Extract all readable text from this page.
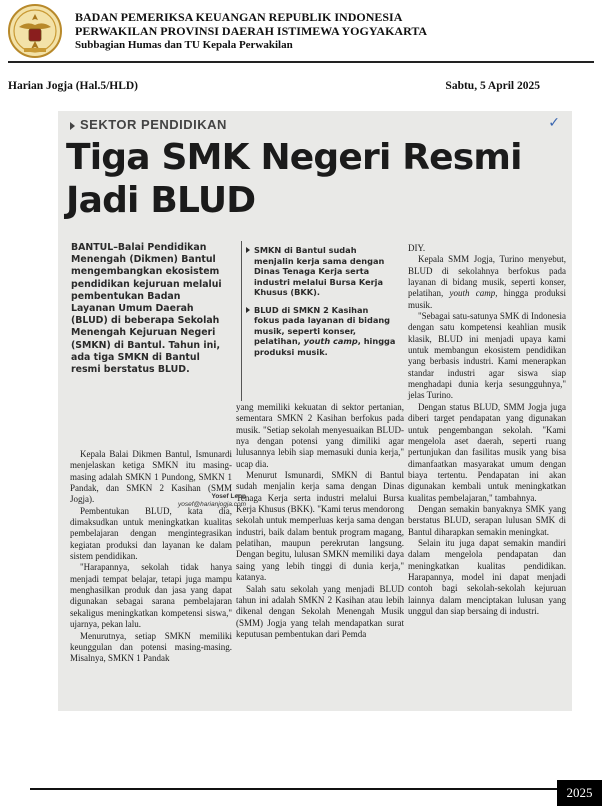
BADAN PEMERIKSA KEUANGAN REPUBLIK INDONESIA
PERWAKILAN PROVINSI DAERAH ISTIMEWA YOGYAKARTA
Subbagian Humas dan TU Kepala Perwakilan
Harian Jogja (Hal.5/HLD)	Sabtu, 5 April 2025
SEKTOR PENDIDIKAN	✓
Tiga SMK Negeri Resmi
Jadi BLUD
BANTUL–Balai Pendidikan
Menengah (Dikmen) Bantul
mengembangkan ekosistem
pendidikan kejuruan melalui
pembentukan Badan
Layanan Umum Daerah
(BLUD) di beberapa Sekolah
Menengah Kejuruan Negeri
(SMKN) di Bantul. Tahun ini,
ada tiga SMKN di Bantul
resmi berstatus BLUD.
Yosef Leon
yosef@harianjogja.com
SMKN di Bantul sudah menjalin kerja sama dengan Dinas Tenaga Kerja serta industri melalui Bursa Kerja Khusus (BKK).
BLUD di SMKN 2 Kasihan fokus pada layanan di bidang musik, seperti konser, pelatihan, youth camp, hingga produksi musik.

Kepala Balai Dikmen Bantul, Ismunardi menjelaskan ketiga SMKN itu masing-masing adalah SMKN 1 Pundong, SMKN 1 Pandak, dan SMKN 2 Kasihan (SMM Jogja).

Pembentukan BLUD, kata dia, dimaksudkan untuk meningkatkan kualitas pembelajaran dengan mengintegrasikan kegiatan produksi dan layanan ke dalam sistem pendidikan.

"Harapannya, sekolah tidak hanya menjadi tempat belajar, tetapi juga mampu menghasilkan produk dan jasa yang dapat digunakan sebagai sarana pembelajaran sekaligus meningkatkan kompetensi siswa," ujarnya, pekan lalu.

Menurutnya, setiap SMKN memiliki keunggulan dan potensi masing-masing. Misalnya, SMKN 1 Pandak

yang memiliki kekuatan di sektor pertanian, sementara SMKN 2 Kasihan berfokus pada musik. "Setiap sekolah menyesuaikan BLUD-nya dengan potensi yang dimiliki agar lulusannya lebih siap memasuki dunia kerja," ucap dia.

Menurut Ismunardi, SMKN di Bantul sudah menjalin kerja sama dengan Dinas Tenaga Kerja serta industri melalui Bursa Kerja Khusus (BKK). "Kami terus mendorong sekolah untuk memperluas kerja sama dengan industri, baik dalam bentuk program magang, pelatihan, maupun perekrutan langsung. Dengan begitu, lulusan SMKN memiliki daya saing yang lebih tinggi di dunia kerja," katanya.

Salah satu sekolah yang menjadi BLUD tahun ini adalah SMKN 2 Kasihan atau lebih dikenal dengan Sekolah Menengah Musik (SMM) Jogja yang telah mendapatkan surat keputusan pembentukan dari Pemda

DIY.

Kepala SMM Jogja, Turino menyebut, BLUD di sekolahnya berfokus pada layanan di bidang musik, seperti konser, pelatihan, youth camp, hingga produksi musik.

"Sebagai satu-satunya SMK di Indonesia dengan satu kompetensi keahlian musik klasik, BLUD ini menjadi upaya kami untuk membangun ekosistem pendidikan yang berbasis industri. Kami menerapkan standar industri agar siswa siap menghadapi dunia kerja sesungguhnya," jelas Turino.

Dengan status BLUD, SMM Jogja juga diberi target pendapatan yang digunakan untuk pengembangan sekolah. "Kami mengelola aset daerah, seperti ruang pertunjukan dan fasilitas musik yang bisa dimanfaatkan masyarakat umum dengan biaya tertentu. Pendapatan ini akan digunakan kembali untuk meningkatkan kualitas pembelajaran," tambahnya.

Dengan semakin banyaknya SMK yang berstatus BLUD, serapan lulusan SMK di Bantul diharapkan semakin meningkat.

Selain itu juga dapat semakin mandiri dalam mengelola pendapatan dan meningkatkan kualitas pendidikan. Harapannya, model ini dapat menjadi contoh bagi sekolah-sekolah kejuruan lainnya dalam menciptakan lulusan yang unggul dan siap bersaing di industri.

2025
